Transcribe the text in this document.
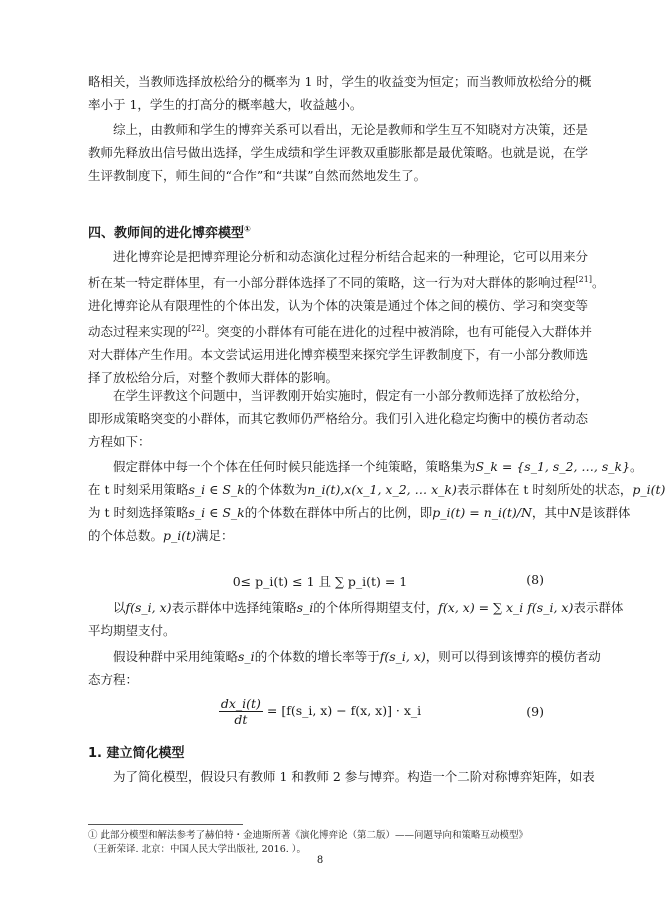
略相关，当教师选择放松给分的概率为 1 时，学生的收益变为恒定；而当教师放松给分的概
率小于 1，学生的打高分的概率越大，收益越小。

　　综上，由教师和学生的博弈关系可以看出，无论是教师和学生互不知晓对方决策，还是
教师先释放出信号做出选择，学生成绩和学生评教双重膨胀都是最优策略。也就是说，在学
生评教制度下，师生间的“合作”和“共谋”自然而然地发生了。

四、教师间的进化博弈模型①

　　进化博弈论是把博弈理论分析和动态演化过程分析结合起来的一种理论，它可以用来分
析在某一特定群体里，有一小部分群体选择了不同的策略，这一行为对大群体的影响过程[21]。
进化博弈论从有限理性的个体出发，认为个体的决策是通过个体之间的模仿、学习和突变等
动态过程来实现的[22]。突变的小群体有可能在进化的过程中被消除，也有可能侵入大群体并
对大群体产生作用。本文尝试运用进化博弈模型来探究学生评教制度下，有一小部分教师选
择了放松给分后，对整个教师大群体的影响。

　　在学生评教这个问题中，当评教刚开始实施时，假定有一小部分教师选择了放松给分，
即形成策略突变的小群体，而其它教师仍严格给分。我们引入进化稳定均衡中的模仿者动态
方程如下：

　　假定群体中每一个个体在任何时候只能选择一个纯策略，策略集为S_k = {s_1, s_2, …, s_k}。
在 t 时刻采用策略s_i ∈ S_k的个体数为n_i(t),x(x_1, x_2, … x_k)表示群体在 t 时刻所处的状态，p_i(t)
为 t 时刻选择策略s_i ∈ S_k的个体数在群体中所占的比例，即p_i(t) = n_i(t)/N，其中N是该群体
的个体总数。p_i(t)满足：

0≤ p_i(t) ≤ 1 且 ∑ p_i(t) = 1	(8)

　　以f(s_i, x)表示群体中选择纯策略s_i的个体所得期望支付，f(x, x) = ∑ x_i f(s_i, x)表示群体
平均期望支付。

　　假设种群中采用纯策略s_i的个体数的增长率等于f(s_i, x)，则可以得到该博弈的模仿者动
态方程：

$\frac{dx\_i(t)}{dt}$ = [f(s_i, x) − f(x, x)] · x_i	(9)
1. 建立简化模型

　　为了简化模型，假设只有教师 1 和教师 2 参与博弈。构造一个二阶对称博弈矩阵，如表

① 此部分模型和解法参考了赫伯特・金迪斯所著《演化博弈论（第二版）——问题导向和策略互动模型》
（王新荣译. 北京：中国人民大学出版社, 2016. ）。

8
